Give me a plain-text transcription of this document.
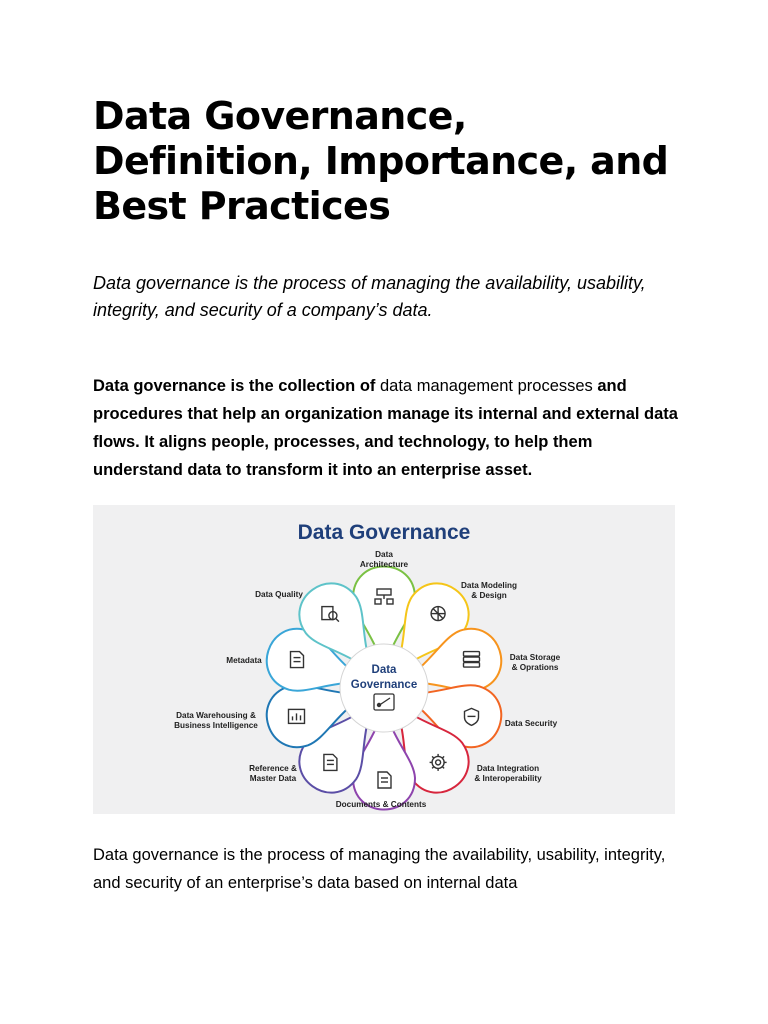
Data Governance, Definition, Importance, and Best Practices

Data governance is the process of managing the availability, usability, integrity, and security of a company’s data.

Data governance is the collection of data management processes and procedures that help an organization manage its internal and external data flows. It aligns people, processes, and technology, to help them understand data to transform it into an enterprise asset.

Data Governance
Data
Governance
Data
Architecture
Data Modeling
& Design
Data Storage
& Oprations
Data Security
Data Integration
& Interoperability
Documents & Contents
Reference &
Master Data
Data Warehousing &
Business Intelligence
Metadata
Data Quality

Data governance is the process of managing the availability, usability, integrity, and security of an enterprise’s data based on internal data
